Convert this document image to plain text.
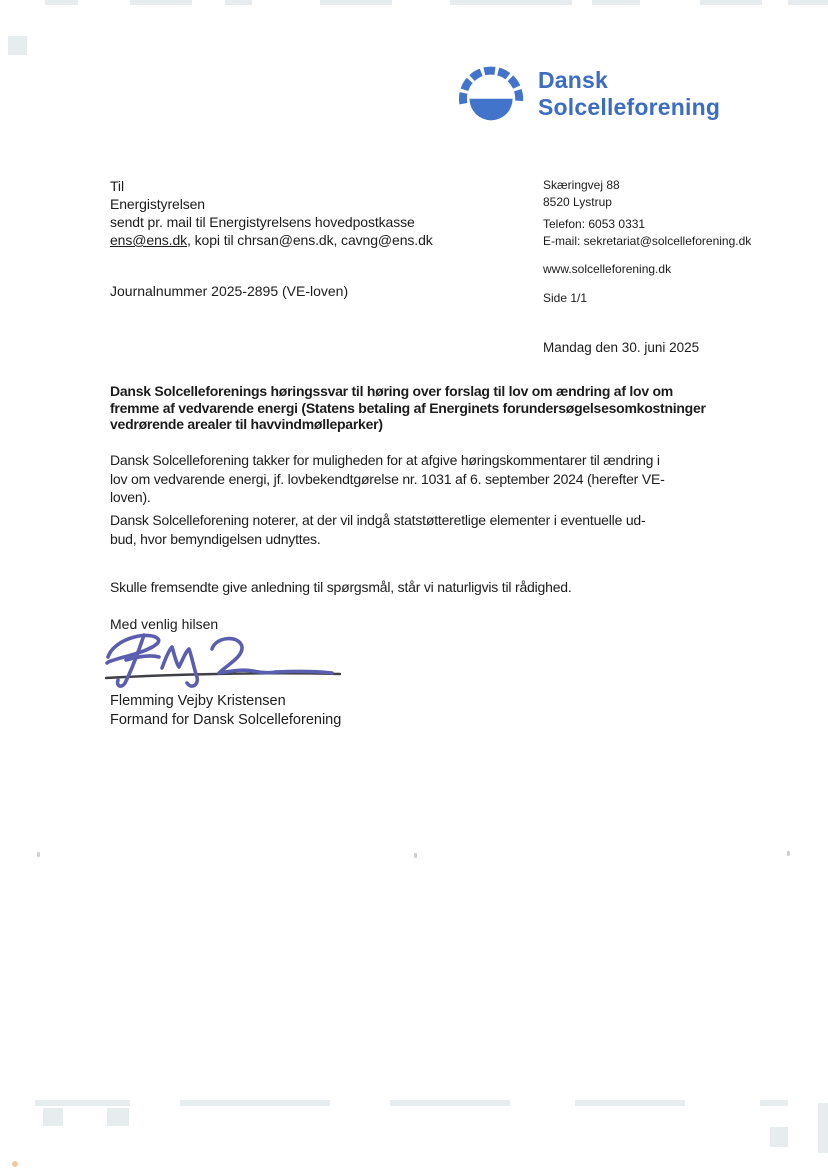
Dansk
Solcelleforening
Til
Energistyrelsen
sendt pr. mail til Energistyrelsens hovedpostkasse
ens@ens.dk, kopi til chrsan@ens.dk, cavng@ens.dk
Journalnummer 2025-2895 (VE-loven)
Skæringvej 88
8520 Lystrup
Telefon: 6053 0331
E-mail: sekretariat@solcelleforening.dk
www.solcelleforening.dk
Side 1/1
Mandag den 30. juni 2025
Dansk Solcelleforenings høringssvar til høring over forslag til lov om ændring af lov om
fremme af vedvarende energi (Statens betaling af Energinets forundersøgelsesomkostninger
vedrørende arealer til havvindmølleparker)
Dansk Solcelleforening takker for muligheden for at afgive høringskommentarer til ændring i
lov om vedvarende energi, jf. lovbekendtgørelse nr. 1031 af 6. september 2024 (herefter VE-
loven).
Dansk Solcelleforening noterer, at der vil indgå statstøtteretlige elementer i eventuelle ud-
bud, hvor bemyndigelsen udnyttes.
Skulle fremsendte give anledning til spørgsmål, står vi naturligvis til rådighed.
Med venlig hilsen
Flemming Vejby Kristensen
Formand for Dansk Solcelleforening
